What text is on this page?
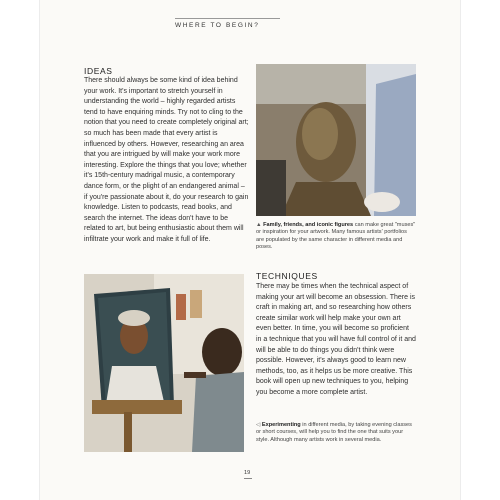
WHERE TO BEGIN?
IDEAS
There should always be some kind of idea behind your work. It's important to stretch yourself in understanding the world – highly regarded artists tend to have enquiring minds. Try not to cling to the notion that you need to create completely original art; so much has been made that every artist is influenced by others. However, researching an area that you are intrigued by will make your work more interesting. Explore the things that you love; whether it's 15th-century madrigal music, a contemporary dance form, or the plight of an endangered animal – if you're passionate about it, do your research to gain knowledge. Listen to podcasts, read books, and search the internet. The ideas don't have to be related to art, but being enthusiastic about them will infiltrate your work and make it full of life.
▲ Family, friends, and iconic figures can make great "muses" or inspiration for your artwork. Many famous artists' portfolios are populated by the same character in different media and poses.
TECHNIQUES
There may be times when the technical aspect of making your art will become an obsession. There is craft in making art, and so researching how others create similar work will help make your own art even better. In time, you will become so proficient in a technique that you will have full control of it and will be able to do things you didn't think were possible. However, it's always good to learn new methods, too, as it helps us be more creative. This book will open up new techniques to you, helping you become a more complete artist.
◁ Experimenting in different media, by taking evening classes or short courses, will help you to find the one that suits your style. Although many artists work in several media.
19
